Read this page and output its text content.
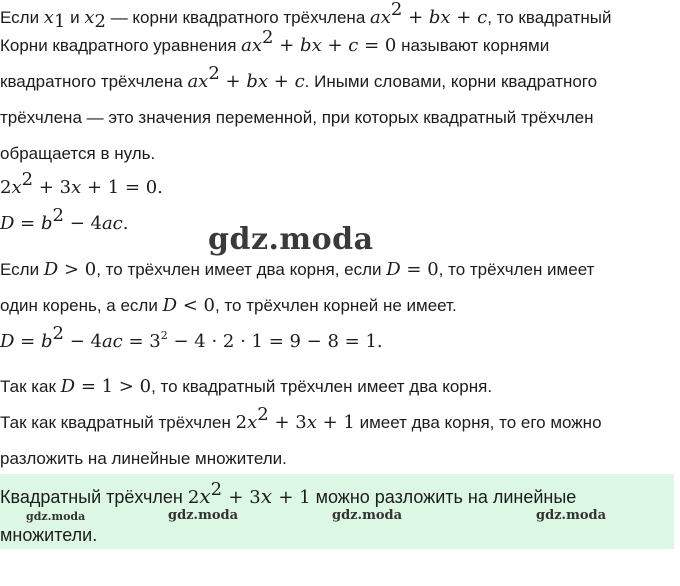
Если $x_1$ и $x_2$ — корни квадратного трёхчлена $ax^2$ + bx + c, то квадратный
Корни квадратного уравнения $ax^2$ + bx + c = 0 называют корнями
квадратного трёхчлена $ax^2$ + bx + c. Иными словами, корни квадратного
трёхчлена — это значения переменной, при которых квадратный трёхчлен
обращается в нуль.
$2x^2 + 3x + 1 = 0$.
$D = b^2 - 4ac$.	gdz.moda
Если D > 0, то трёхчлен имеет два корня, если D = 0, то трёхчлен имеет
один корень, а если D < 0, то трёхчлен корней не имеет.
$D = b^2 - 4ac = 3^2 - 4 \cdot 2 \cdot 1 = 9 - 8 = 1$.
Так как D = 1 > 0, то квадратный трёхчлен имеет два корня.
Так как квадратный трёхчлен $2x^2 + 3x + 1$ имеет два корня, то его можно
разложить на линейные множители.
Квадратный трёхчлен $2x^2 + 3x + 1$ можно разложить на линейные
множители.
gdz.moda	gdz.moda	gdz.moda	gdz.moda
